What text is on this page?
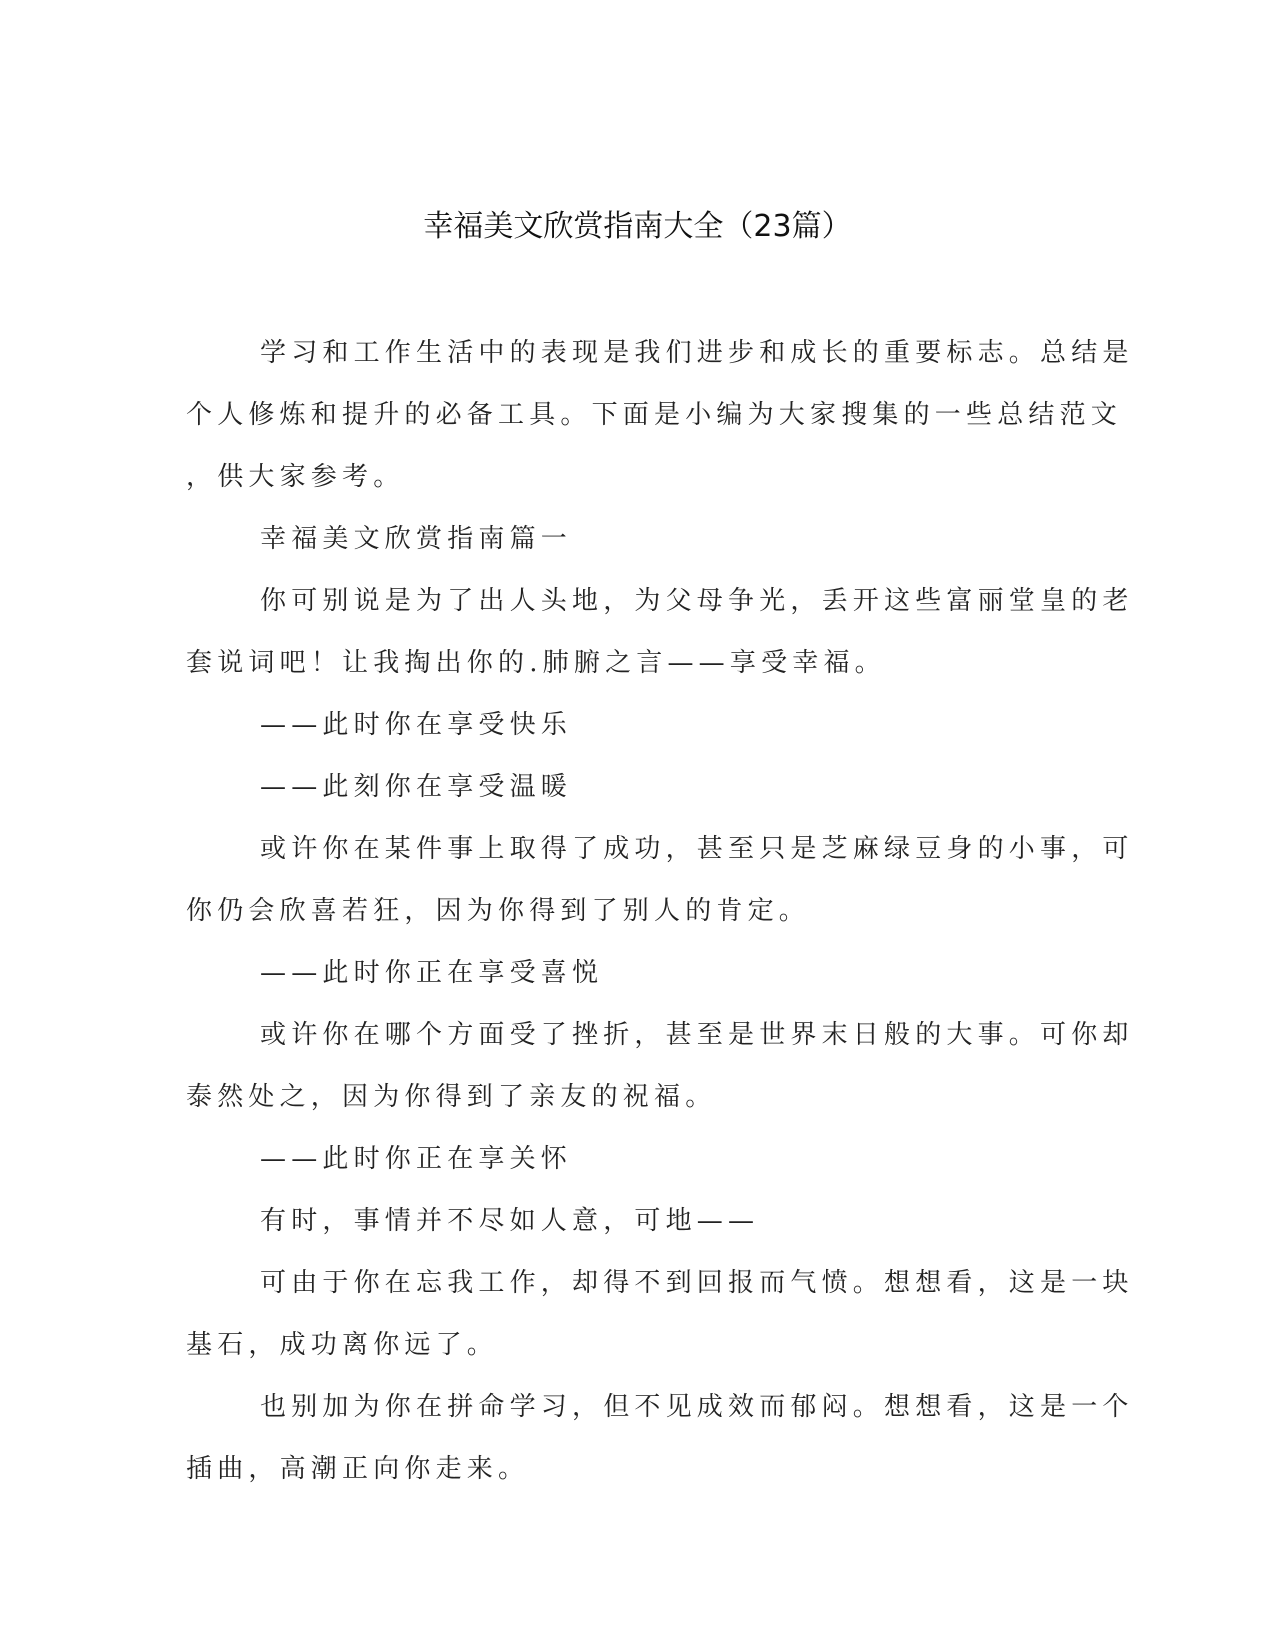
幸福美文欣赏指南大全（23篇）

学习和工作生活中的表现是我们进步和成长的重要标志。总结是
个人修炼和提升的必备工具。下面是小编为大家搜集的一些总结范文
，供大家参考。

幸福美文欣赏指南篇一

你可别说是为了出人头地，为父母争光，丢开这些富丽堂皇的老
套说词吧！让我掏出你的.肺腑之言——享受幸福。

——此时你在享受快乐

——此刻你在享受温暖

或许你在某件事上取得了成功，甚至只是芝麻绿豆身的小事，可
你仍会欣喜若狂，因为你得到了别人的肯定。

——此时你正在享受喜悦

或许你在哪个方面受了挫折，甚至是世界末日般的大事。可你却
泰然处之，因为你得到了亲友的祝福。

——此时你正在享关怀

有时，事情并不尽如人意，可地——

可由于你在忘我工作，却得不到回报而气愤。想想看，这是一块
基石，成功离你远了。

也别加为你在拼命学习，但不见成效而郁闷。想想看，这是一个
插曲，高潮正向你走来。
